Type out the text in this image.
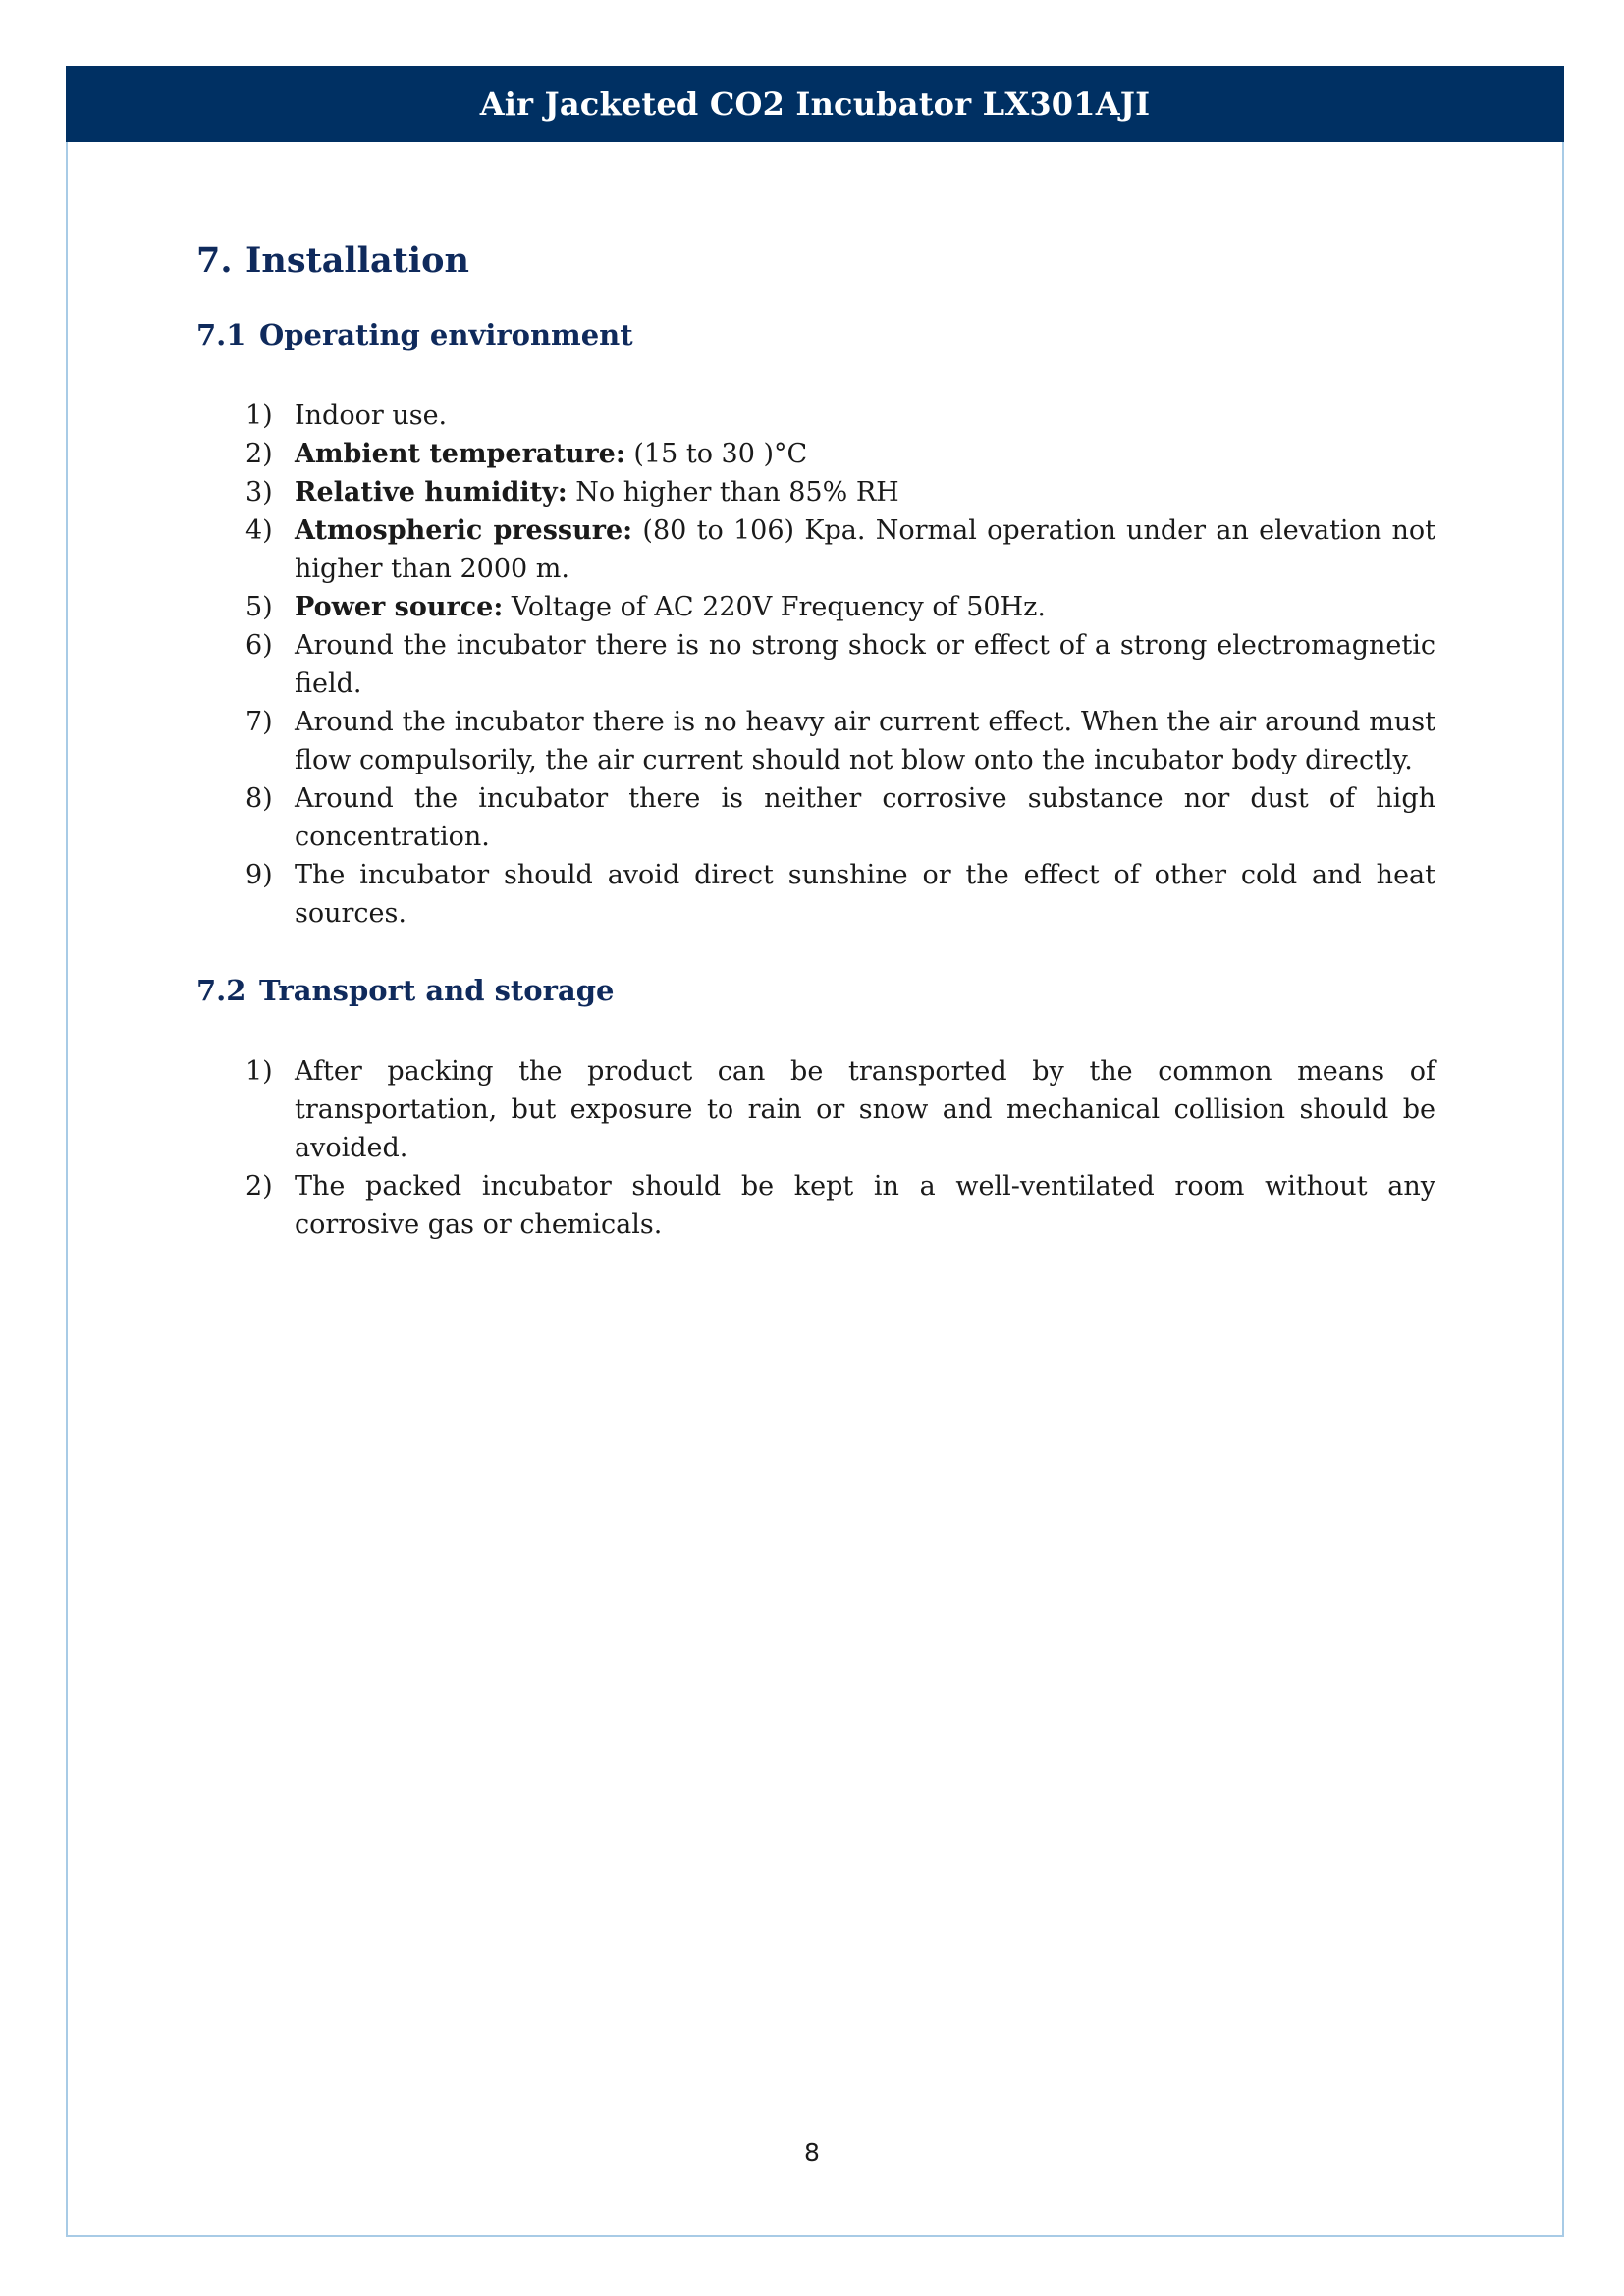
Air Jacketed CO2 Incubator LX301AJI
7. Installation
7.1 Operating environment
1) Indoor use.
2) Ambient temperature: (15 to 30 )°C
3) Relative humidity: No higher than 85% RH
4) Atmospheric pressure: (80 to 106) Kpa. Normal operation under an elevation not higher than 2000 m.
5) Power source: Voltage of AC 220V Frequency of 50Hz.
6) Around the incubator there is no strong shock or effect of a strong electromagnetic field.
7) Around the incubator there is no heavy air current effect. When the air around must flow compulsorily, the air current should not blow onto the incubator body directly.
8) Around the incubator there is neither corrosive substance nor dust of high concentration.
9) The incubator should avoid direct sunshine or the effect of other cold and heat sources.
7.2 Transport and storage
1) After packing the product can be transported by the common means of transportation, but exposure to rain or snow and mechanical collision should be avoided.
2) The packed incubator should be kept in a well-ventilated room without any corrosive gas or chemicals.
8
